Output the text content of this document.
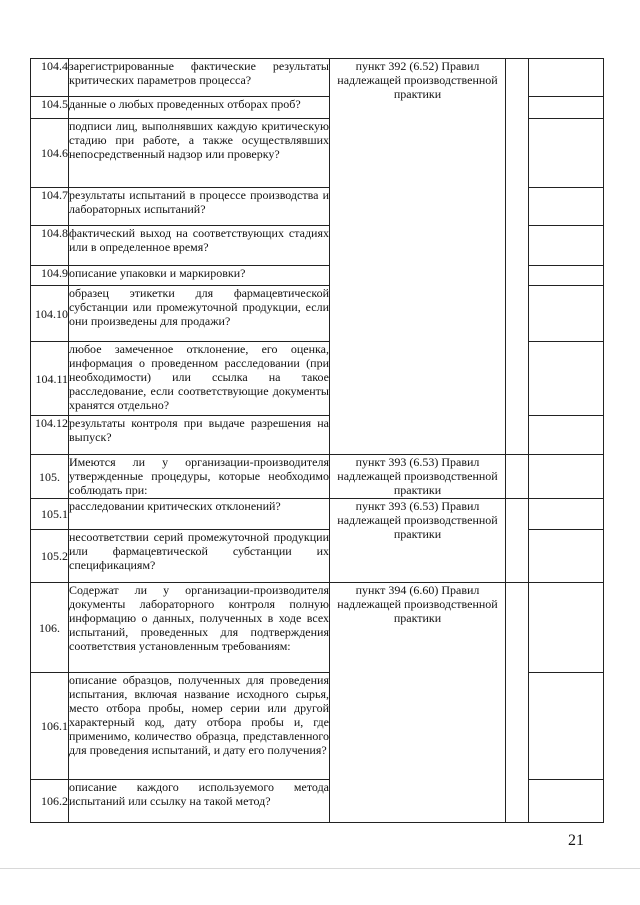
104.4	зарегистрированные фактические результаты критических параметров процесса?	пункт 392 (6.52) Правил надлежащей производственной практики		
104.5	данные о любых проведенных отборах проб?			
104.6	подписи лиц, выполнявших каждую критическую стадию при работе, а также осуществлявших непосредственный надзор или проверку?			
104.7	результаты испытаний в процессе производства и лабораторных испытаний?			
104.8	фактический выход на соответствующих стадиях или в определенное время?			
104.9	описание упаковки и маркировки?			
104.10	образец этикетки для фармацевтической субстанции или промежуточной продукции, если они произведены для продажи?			
104.11	любое замеченное отклонение, его оценка, информация о проведенном расследовании (при необходимости) или ссылка на такое расследование, если соответствующие документы хранятся отдельно?			
104.12	результаты контроля при выдаче разрешения на выпуск?			
105.	Имеются ли у организации-производителя утвержденные процедуры, которые необходимо соблюдать при:	пункт 393 (6.53) Правил надлежащей производственной практики		
105.1	расследовании критических отклонений?	пункт 393 (6.53) Правил надлежащей производственной практики		
105.2	несоответствии серий промежуточной продукции или фармацевтической субстанции их спецификациям?			
106.	Содержат ли у организации-производителя документы лабораторного контроля полную информацию о данных, полученных в ходе всех испытаний, проведенных для подтверждения соответствия установленным требованиям:	пункт 394 (6.60) Правил надлежащей производственной практики		
106.1	описание образцов, полученных для проведения испытания, включая название исходного сырья, место отбора пробы, номер серии или другой характерный код, дату отбора пробы и, где применимо, количество образца, представленного для проведения испытаний, и дату его получения?			
106.2	описание каждого используемого метода испытаний или ссылку на такой метод?			
21
